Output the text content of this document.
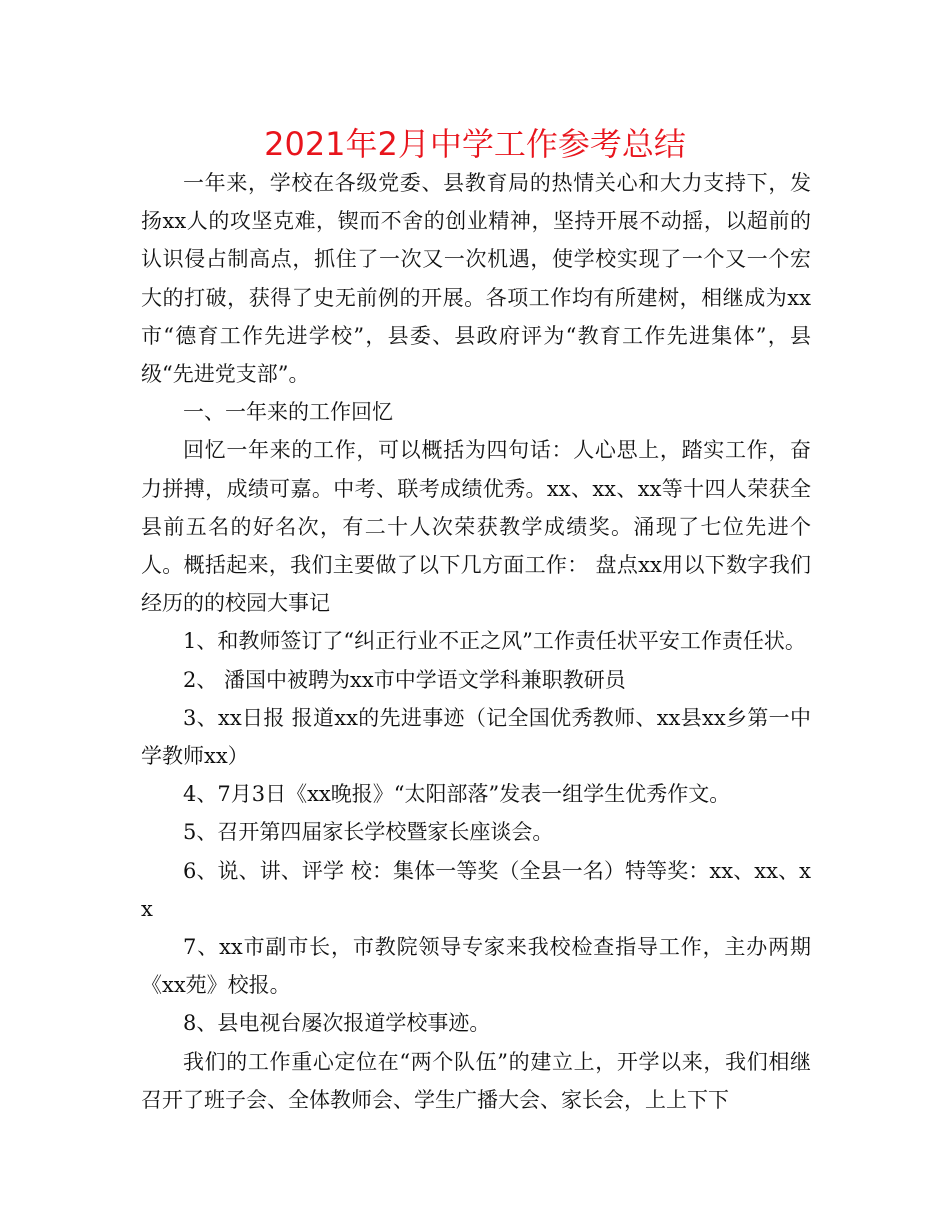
2021年2月中学工作参考总结

一年来，学校在各级党委、县教育局的热情关心和大力支持下，发扬xx人的攻坚克难，锲而不舍的创业精神，坚持开展不动摇，以超前的认识侵占制高点，抓住了一次又一次机遇，使学校实现了一个又一个宏大的打破，获得了史无前例的开展。各项工作均有所建树，相继成为xx市“德育工作先进学校”，县委、县政府评为“教育工作先进集体”，县级“先进党支部”。

一、一年来的工作回忆

回忆一年来的工作，可以概括为四句话：人心思上，踏实工作，奋力拼搏，成绩可嘉。中考、联考成绩优秀。xx、xx、xx等十四人荣获全县前五名的好名次，有二十人次荣获教学成绩奖。涌现了七位先进个人。概括起来，我们主要做了以下几方面工作： 盘点xx用以下数字我们经历的的校园大事记

1、和教师签订了“纠正行业不正之风”工作责任状平安工作责任状。

2、 潘国中被聘为xx市中学语文学科兼职教研员

3、xx日报 报道xx的先进事迹（记全国优秀教师、xx县xx乡第一中学教师xx）

4、7月3日《xx晚报》“太阳部落”发表一组学生优秀作文。

5、召开第四届家长学校暨家长座谈会。

6、说、讲、评学 校：集体一等奖（全县一名）特等奖：xx、xx、xx

7、xx市副市长，市教院领导专家来我校检查指导工作，主办两期《xx苑》校报。

8、县电视台屡次报道学校事迹。

我们的工作重心定位在“两个队伍”的建立上，开学以来，我们相继召开了班子会、全体教师会、学生广播大会、家长会，上上下下
